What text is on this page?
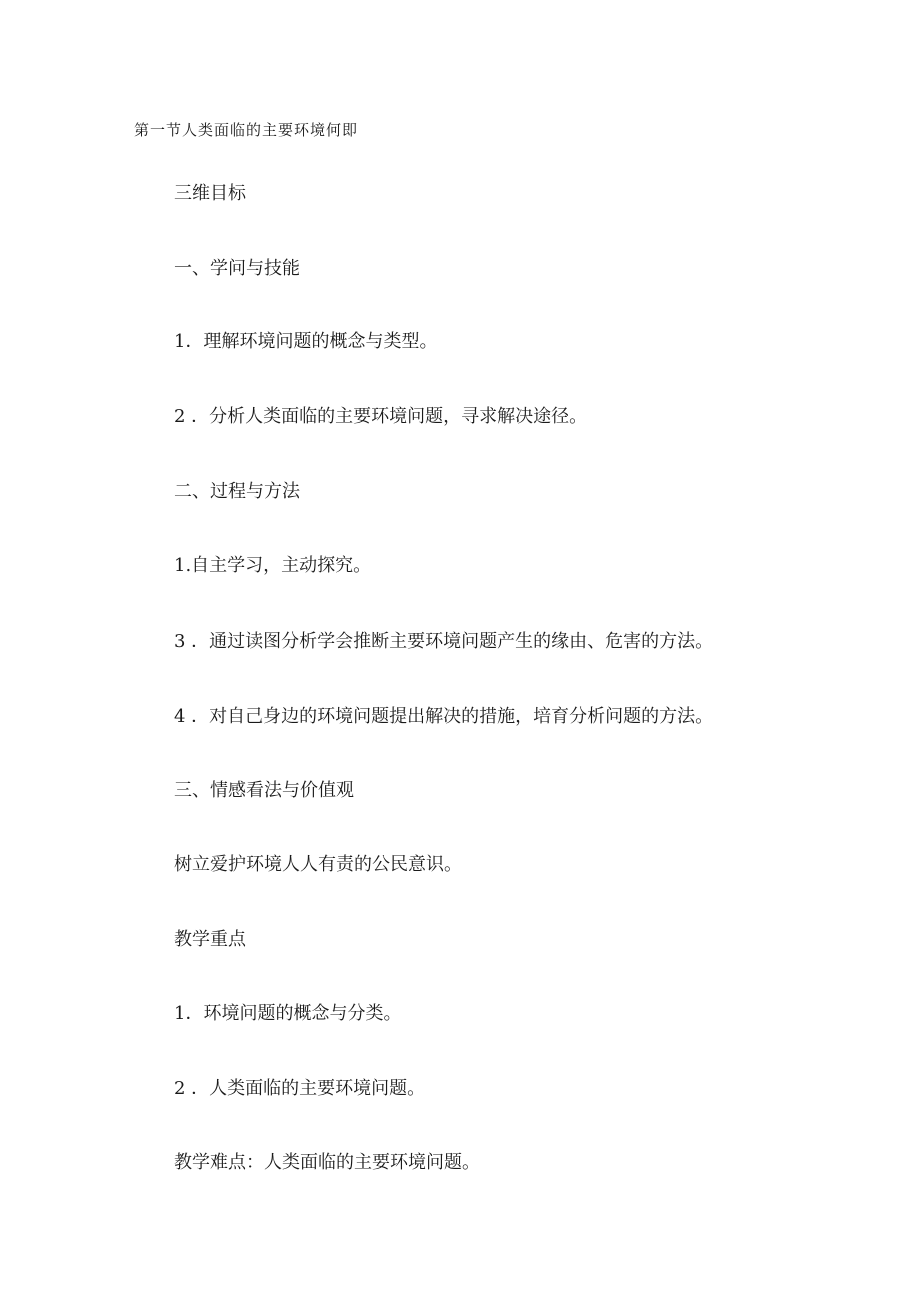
第一节人类面临的主要环境何即
三维目标
一、学问与技能
1．理解环境问题的概念与类型。
2 ．分析人类面临的主要环境问题，寻求解决途径。
二、过程与方法
1.自主学习，主动探究。
3 ．通过读图分析学会推断主要环境问题产生的缘由、危害的方法。
4 ．对自己身边的环境问题提出解决的措施，培育分析问题的方法。
三、情感看法与价值观
树立爱护环境人人有责的公民意识。
教学重点
1．环境问题的概念与分类。
2 ．人类面临的主要环境问题。
教学难点：人类面临的主要环境问题。
